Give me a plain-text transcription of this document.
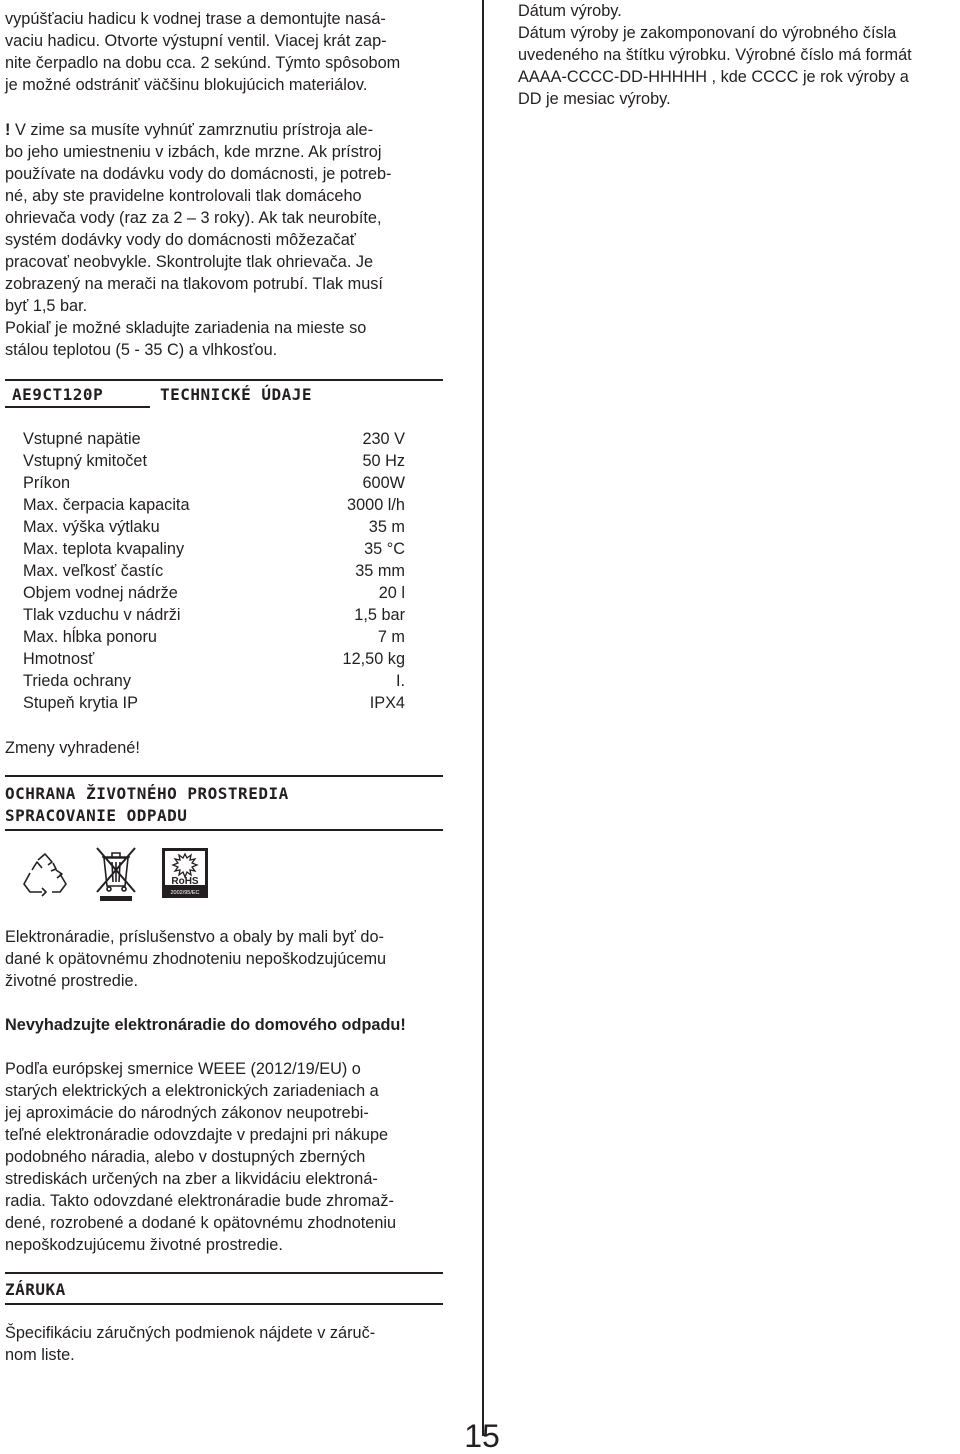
vypúšťaciu hadicu k vodnej trase a demontujte nasá-

vaciu hadicu. Otvorte výstupní ventil. Viacej krát zap-

nite čerpadlo na dobu cca. 2 sekúnd. Týmto spôsobom

je možné odstrániť väčšinu blokujúcich materiálov.

! V zime sa musíte vyhnúť zamrznutiu prístroja ale-

bo jeho umiestneniu v izbách, kde mrzne. Ak prístroj

používate na dodávku vody do domácnosti, je potreb-

né, aby ste pravidelne kontrolovali tlak domáceho

ohrievača vody (raz za 2 – 3 roky). Ak tak neurobíte,

systém dodávky vody do domácnosti môžezačať

pracovať neobvykle. Skontrolujte tlak ohrievača. Je

zobrazený na merači na tlakovom potrubí. Tlak musí

byť 1,5 bar.

Pokiaľ je možné skladujte zariadenia na mieste so

stálou teplotou (5 - 35 C) a vlhkosťou.

AE9CT120P	TECHNICKÉ ÚDAJE
Vstupné napätie	230 V
Vstupný kmitočet	50 Hz
Príkon	600W
Max. čerpacia kapacita	3000 l/h
Max. výška výtlaku	35 m
Max. teplota kvapaliny	35 °C
Max. veľkosť častíc	35 mm
Objem vodnej nádrže	20 l
Tlak vzduchu v nádrži	1,5 bar
Max. hĺbka ponoru	7 m
Hmotnosť	12,50 kg
Trieda ochrany	I.
Stupeň krytia IP	IPX4
Zmeny vyhradené!
OCHRANA ŽIVOTNÉHO PROSTREDIA
SPRACOVANIE ODPADU
RoHS
2002/95/EC

Elektronáradie, príslušenstvo a obaly by mali byť do-

dané k opätovnému zhodnoteniu nepoškodzujúcemu

životné prostredie.

Nevyhadzujte elektronáradie do domového odpadu!

Podľa európskej smernice WEEE (2012/19/EU) o

starých elektrických a elektronických zariadeniach a

jej aproximácie do národných zákonov neupotrebi-

teľné elektronáradie odovzdajte v predajni pri nákupe

podobného náradia, alebo v dostupných zberných

strediskách určených na zber a likvidáciu elektroná-

radia. Takto odovzdané elektronáradie bude zhromaž-

dené, rozrobené a dodané k opätovnému zhodnoteniu

nepoškodzujúcemu životné prostredie.

ZÁRUKA

Špecifikáciu záručných podmienok nájdete v záruč-

nom liste.

Dátum výroby.

Dátum výroby je zakomponovaní do výrobného čísla

uvedeného na štítku výrobku. Výrobné číslo má formát

AAAA-CCCC-DD-HHHHH , kde CCCC je rok výroby a

DD je mesiac výroby.

15
